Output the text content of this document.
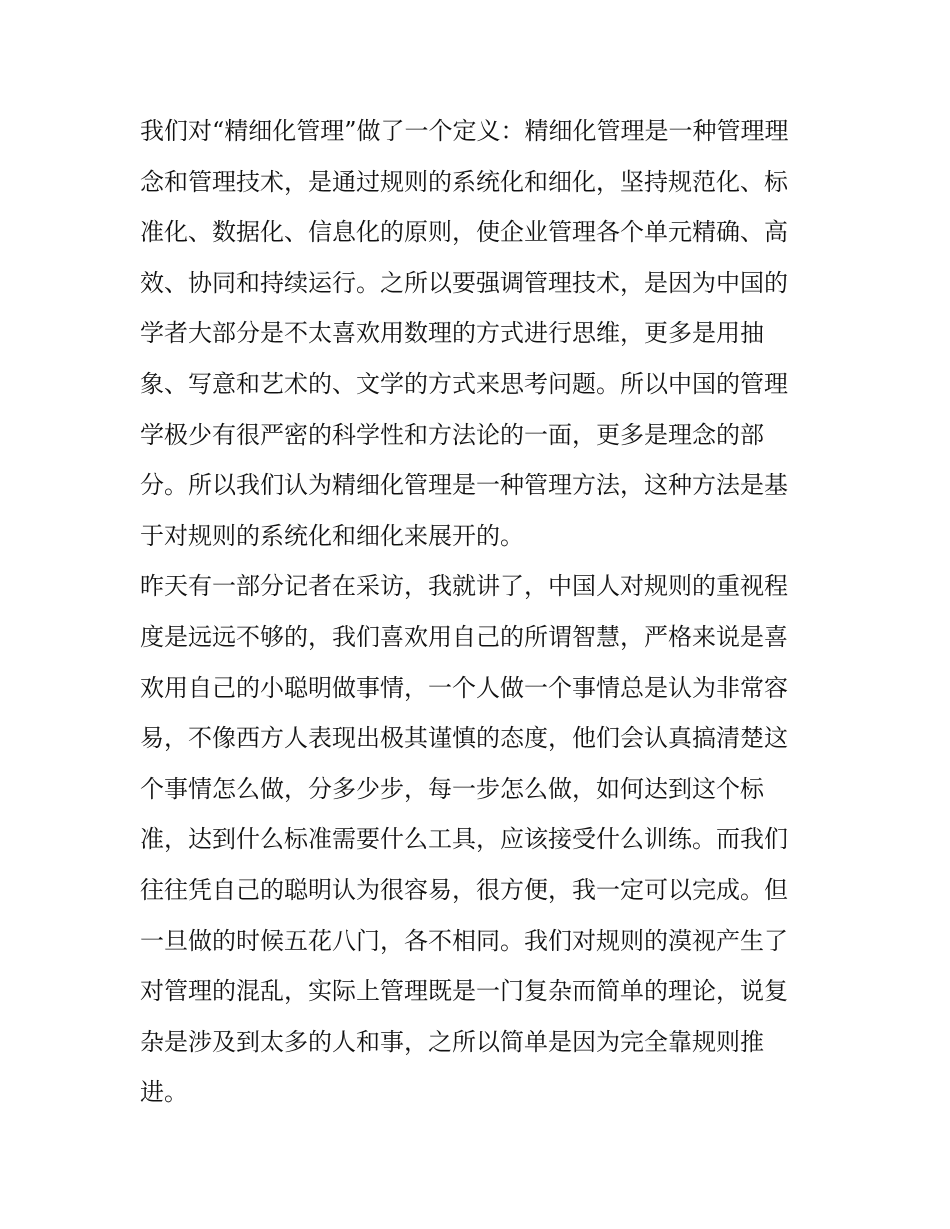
我们对“精细化管理”做了一个定义：精细化管理是一种管理理
念和管理技术，是通过规则的系统化和细化，坚持规范化、标
准化、数据化、信息化的原则，使企业管理各个单元精确、高
效、协同和持续运行。之所以要强调管理技术，是因为中国的
学者大部分是不太喜欢用数理的方式进行思维，更多是用抽
象、写意和艺术的、文学的方式来思考问题。所以中国的管理
学极少有很严密的科学性和方法论的一面，更多是理念的部
分。所以我们认为精细化管理是一种管理方法，这种方法是基
于对规则的系统化和细化来展开的。
昨天有一部分记者在采访，我就讲了，中国人对规则的重视程
度是远远不够的，我们喜欢用自己的所谓智慧，严格来说是喜
欢用自己的小聪明做事情，一个人做一个事情总是认为非常容
易，不像西方人表现出极其谨慎的态度，他们会认真搞清楚这
个事情怎么做，分多少步，每一步怎么做，如何达到这个标
准，达到什么标准需要什么工具，应该接受什么训练。而我们
往往凭自己的聪明认为很容易，很方便，我一定可以完成。但
一旦做的时候五花八门，各不相同。我们对规则的漠视产生了
对管理的混乱，实际上管理既是一门复杂而简单的理论，说复
杂是涉及到太多的人和事，之所以简单是因为完全靠规则推
进。
